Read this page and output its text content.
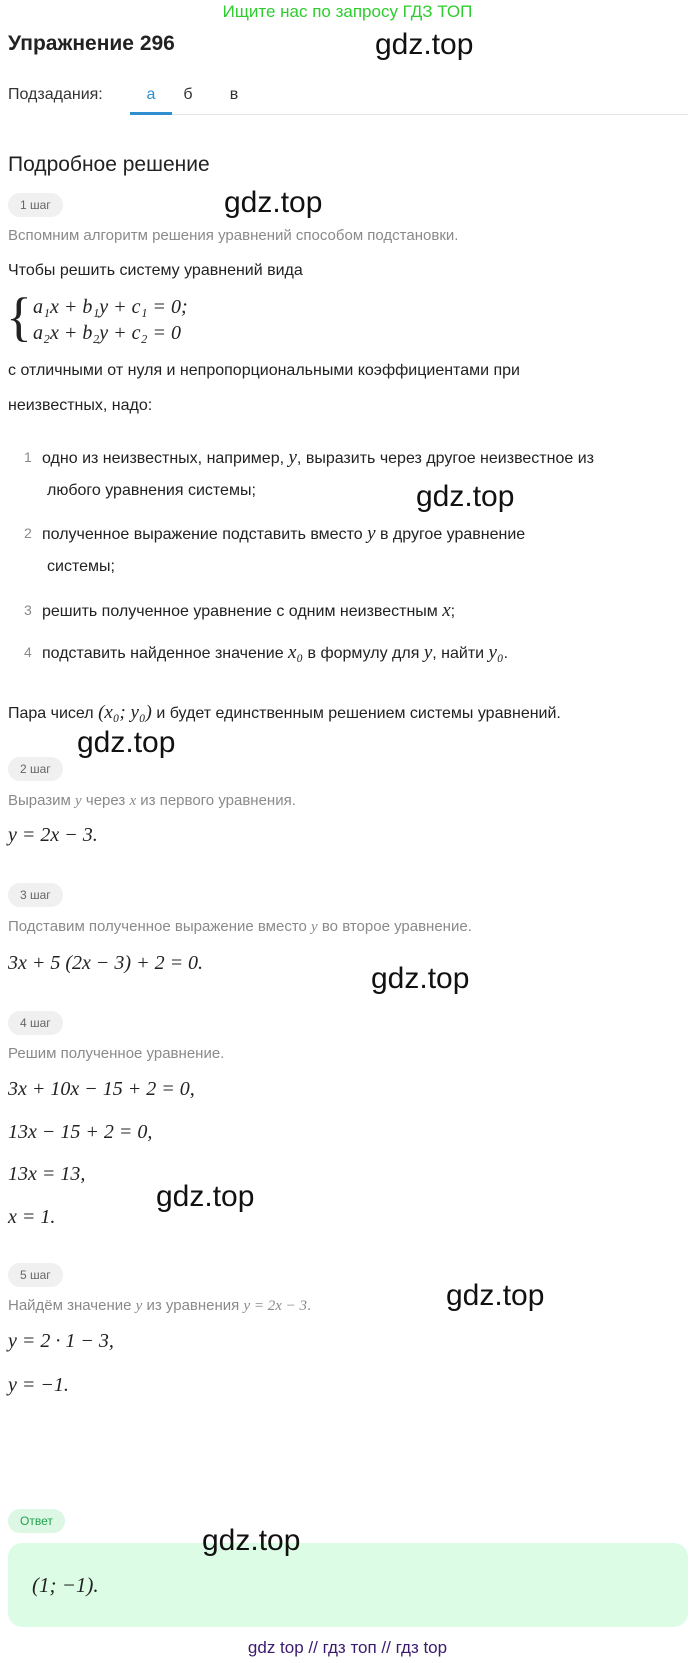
Ищите нас по запросу ГДЗ ТОП
Упражнение 296	gdz.top
Подзадания:	а	б	в
Подробное решение
1 шаг	gdz.top
Вспомним алгоритм решения уравнений способом подстановки.
Чтобы решить систему уравнений вида
{ a₁x + b₁y + c₁ = 0;
a₂x + b₂y + c₂ = 0
с отличными от нуля и непропорциональными коэффициентами при
неизвестных, надо:
1 одно из неизвестных, например, y, выразить через другое неизвестное из
любого уравнения системы;	gdz.top
2 полученное выражение подставить вместо y в другое уравнение
системы;
3 решить полученное уравнение с одним неизвестным x;
4 подставить найденное значение x₀ в формулу для y, найти y₀.
Пара чисел (x₀; y₀) и будет единственным решением системы уравнений.
gdz.top
2 шаг
Выразим y через x из первого уравнения.
y = 2x − 3.
3 шаг
Подставим полученное выражение вместо y во второе уравнение.
3x + 5 (2x − 3) + 2 = 0.	gdz.top
4 шаг
Решим полученное уравнение.
3x + 10x − 15 + 2 = 0,
13x − 15 + 2 = 0,
13x = 13,
x = 1.
gdz.top
5 шаг
Найдём значение y из уравнения y = 2x − 3.	gdz.top
y = 2 · 1 − 3,
y = −1.
Ответ
gdz.top
(1; −1).
gdz top // гдз топ // гдз top
